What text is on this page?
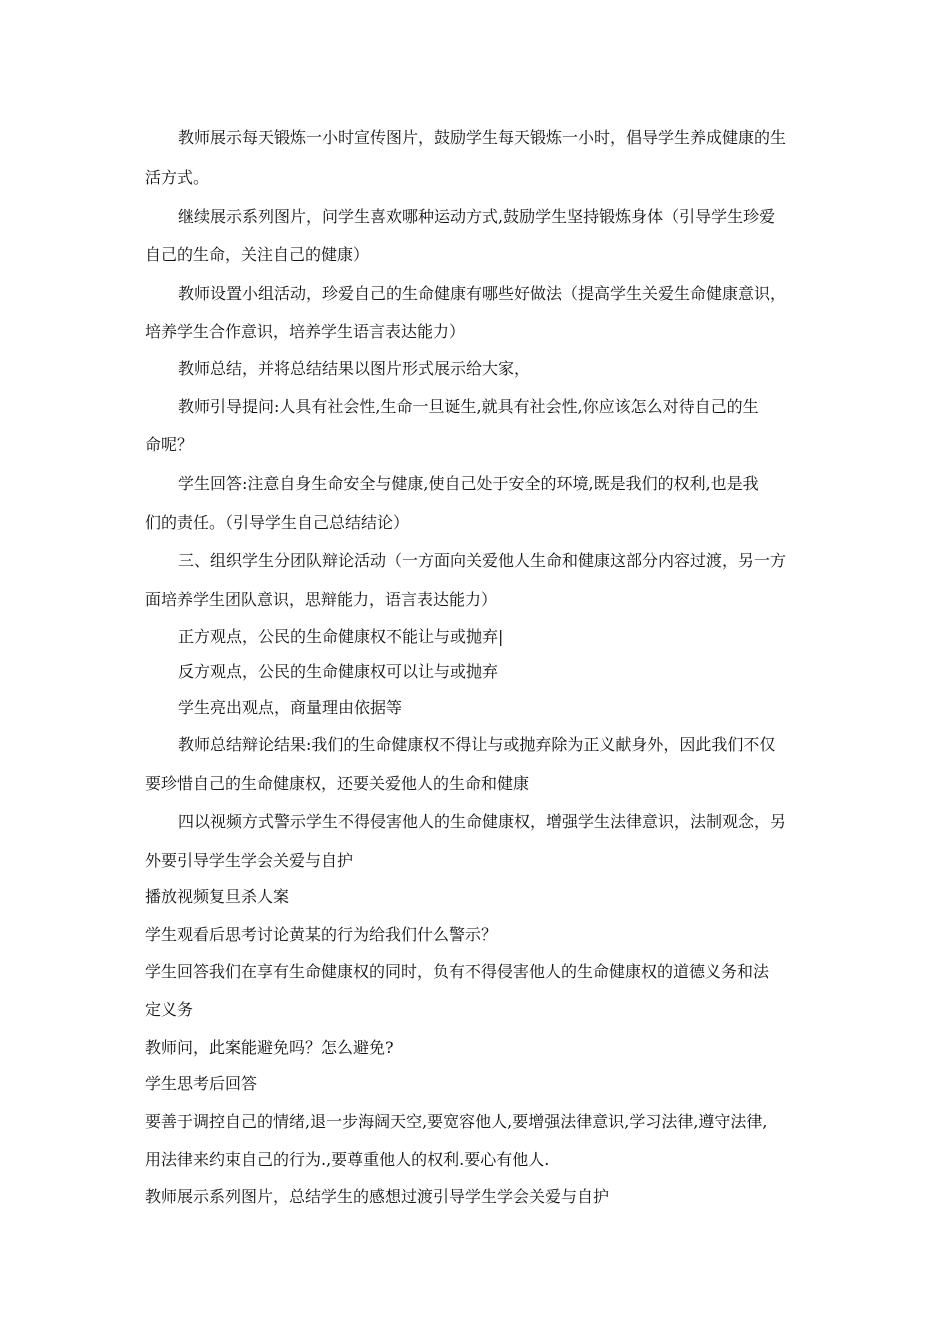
教师展示每天锻炼一小时宣传图片，鼓励学生每天锻炼一小时，倡导学生养成健康的生
活方式。
继续展示系列图片，问学生喜欢哪种运动方式,鼓励学生坚持锻炼身体（引导学生珍爱
自己的生命，关注自己的健康）
教师设置小组活动，珍爱自己的生命健康有哪些好做法（提高学生关爱生命健康意识，
培养学生合作意识，培养学生语言表达能力）
教师总结，并将总结结果以图片形式展示给大家，
教师引导提问:人具有社会性,生命一旦诞生,就具有社会性,你应该怎么对待自己的生
命呢？
学生回答:注意自身生命安全与健康,使自己处于安全的环境,既是我们的权利,也是我
们的责任。（引导学生自己总结结论）
三、组织学生分团队辩论活动（一方面向关爱他人生命和健康这部分内容过渡，另一方
面培养学生团队意识，思辩能力，语言表达能力）
正方观点，公民的生命健康权不能让与或抛弃|
反方观点，公民的生命健康权可以让与或抛弃
学生亮出观点，商量理由依据等
教师总结辩论结果:我们的生命健康权不得让与或抛弃除为正义献身外，因此我们不仅
要珍惜自己的生命健康权，还要关爱他人的生命和健康
四以视频方式警示学生不得侵害他人的生命健康权，增强学生法律意识，法制观念，另
外要引导学生学会关爱与自护
播放视频复旦杀人案
学生观看后思考讨论黄某的行为给我们什么警示？
学生回答我们在享有生命健康权的同时，负有不得侵害他人的生命健康权的道德义务和法
定义务
教师问，此案能避免吗？怎么避免?
学生思考后回答
要善于调控自己的情绪,退一步海阔天空,要宽容他人,要增强法律意识,学习法律,遵守法律,
用法律来约束自己的行为.,要尊重他人的权利.要心有他人.
教师展示系列图片，总结学生的感想过渡引导学生学会关爱与自护
